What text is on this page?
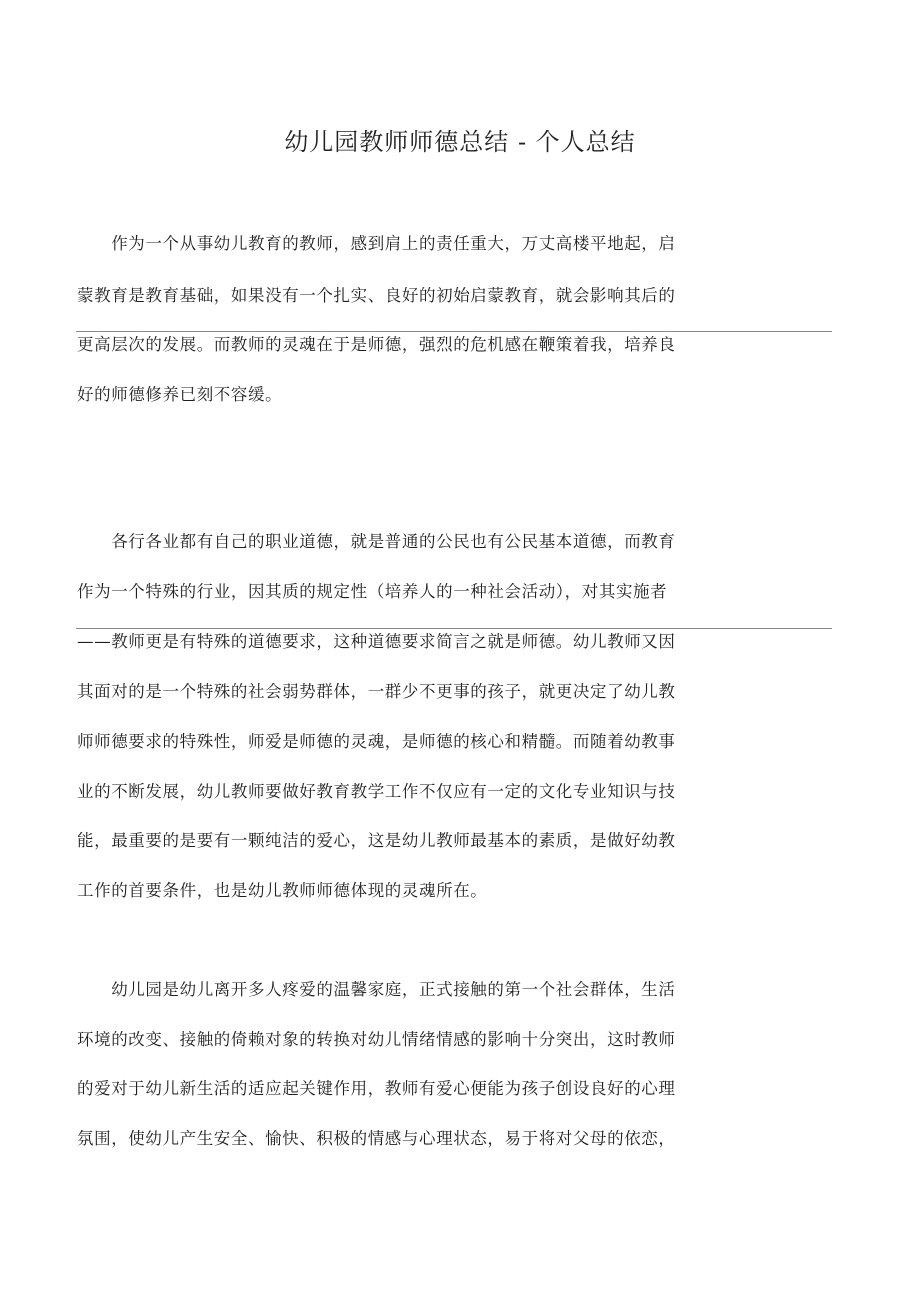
幼儿园教师师德总结 - 个人总结
　　作为一个从事幼儿教育的教师，感到肩上的责任重大，万丈高楼平地起，启
蒙教育是教育基础，如果没有一个扎实、良好的初始启蒙教育，就会影响其后的
更高层次的发展。而教师的灵魂在于是师德，强烈的危机感在鞭策着我，培养良
好的师德修养已刻不容缓。
　　各行各业都有自己的职业道德，就是普通的公民也有公民基本道德，而教育
作为一个特殊的行业，因其质的规定性（培养人的一种社会活动），对其实施者
——教师更是有特殊的道德要求，这种道德要求简言之就是师德。幼儿教师又因
其面对的是一个特殊的社会弱势群体，一群少不更事的孩子，就更决定了幼儿教
师师德要求的特殊性，师爱是师德的灵魂，是师德的核心和精髓。而随着幼教事
业的不断发展，幼儿教师要做好教育教学工作不仅应有一定的文化专业知识与技
能，最重要的是要有一颗纯洁的爱心，这是幼儿教师最基本的素质，是做好幼教
工作的首要条件，也是幼儿教师师德体现的灵魂所在。
　　幼儿园是幼儿离开多人疼爱的温馨家庭，正式接触的第一个社会群体，生活
环境的改变、接触的倚赖对象的转换对幼儿情绪情感的影响十分突出，这时教师
的爱对于幼儿新生活的适应起关键作用，教师有爱心便能为孩子创设良好的心理
氛围，使幼儿产生安全、愉快、积极的情感与心理状态，易于将对父母的依恋，
